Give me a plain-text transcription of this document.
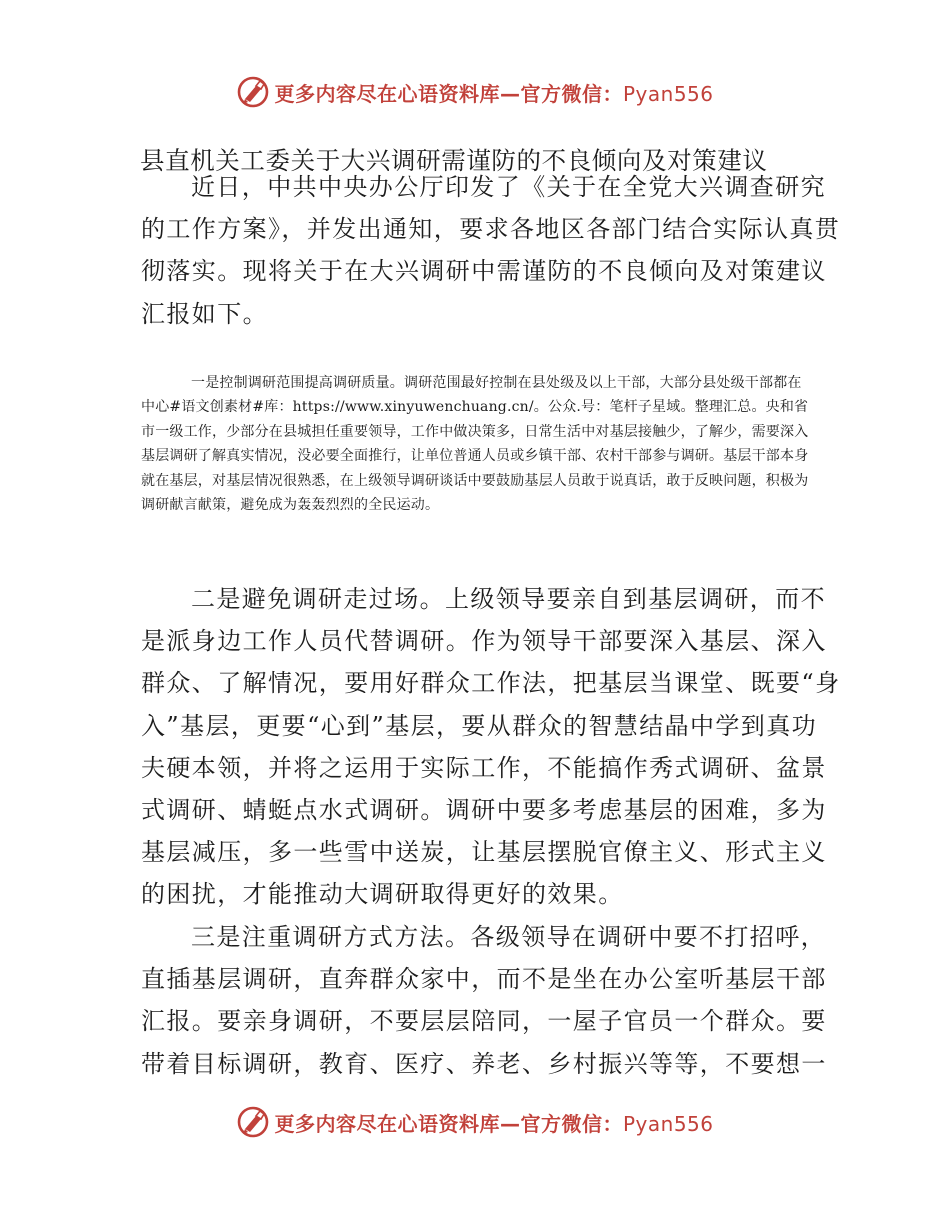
更多内容尽在心语资料库—官方微信：Pyan556
县直机关工委关于大兴调研需谨防的不良倾向及对策建议

近日，中共中央办公厅印发了《关于在全党大兴调查研究的工作方案》，并发出通知，要求各地区各部门结合实际认真贯彻落实。现将关于在大兴调研中需谨防的不良倾向及对策建议汇报如下。

一是控制调研范围提高调研质量。调研范围最好控制在县处级及以上干部，大部分县处级干部都在中心#语文创素材#库：https://www.xinyuwenchuang.cn/。公众.号：笔杆子星域。整理汇总。央和省市一级工作，少部分在县城担任重要领导，工作中做决策多，日常生活中对基层接触少，了解少，需要深入基层调研了解真实情况，没必要全面推行，让单位普通人员或乡镇干部、农村干部参与调研。基层干部本身就在基层，对基层情况很熟悉，在上级领导调研谈话中要鼓励基层人员敢于说真话，敢于反映问题，积极为调研献言献策，避免成为轰轰烈烈的全民运动。

二是避免调研走过场。上级领导要亲自到基层调研，而不是派身边工作人员代替调研。作为领导干部要深入基层、深入群众、了解情况，要用好群众工作法，把基层当课堂、既要“身入”基层，更要“心到”基层，要从群众的智慧结晶中学到真功夫硬本领，并将之运用于实际工作，不能搞作秀式调研、盆景式调研、蜻蜓点水式调研。调研中要多考虑基层的困难，多为基层减压，多一些雪中送炭，让基层摆脱官僚主义、形式主义的困扰，才能推动大调研取得更好的效果。

三是注重调研方式方法。各级领导在调研中要不打招呼，直插基层调研，直奔群众家中，而不是坐在办公室听基层干部汇报。要亲身调研，不要层层陪同，一屋子官员一个群众。要带着目标调研，教育、医疗、养老、乡村振兴等等，不要想一

更多内容尽在心语资料库—官方微信：Pyan556
